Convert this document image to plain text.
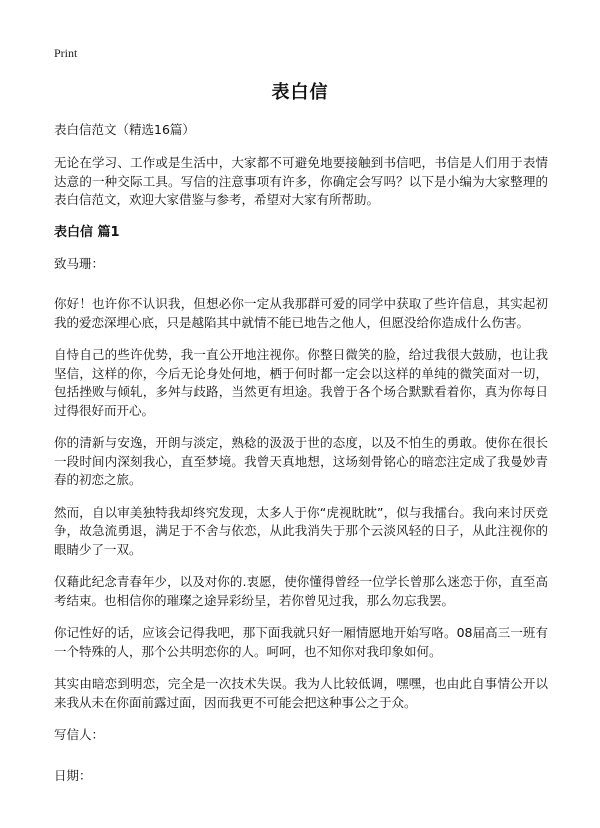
Print
表白信
表白信范文（精选16篇）

无论在学习、工作或是生活中，大家都不可避免地要接触到书信吧，书信是人们用于表情达意的一种交际工具。写信的注意事项有许多，你确定会写吗？以下是小编为大家整理的表白信范文，欢迎大家借鉴与参考，希望对大家有所帮助。

表白信 篇1

致马珊：

你好！也许你不认识我，但想必你一定从我那群可爱的同学中获取了些许信息，其实起初我的爱恋深埋心底，只是越陷其中就情不能已地告之他人，但愿没给你造成什么伤害。

自恃自己的些许优势，我一直公开地注视你。你整日微笑的脸，给过我很大鼓励，也让我坚信，这样的你，今后无论身处何地，栖于何时都一定会以这样的单纯的微笑面对一切，包括挫败与倾轧，多舛与歧路，当然更有坦途。我曾于各个场合默默看着你，真为你每日过得很好而开心。

你的清新与安逸，开朗与淡定，熟稔的汲汲于世的态度，以及不怕生的勇敢。使你在很长一段时间内深刻我心，直至梦境。我曾天真地想，这场刻骨铭心的暗恋注定成了我曼妙青春的初恋之旅。

然而，自以审美独特我却终究发现，太多人于你“虎视眈眈”，似与我擂台。我向来讨厌竞争，故急流勇退，满足于不舍与依恋，从此我消失于那个云淡风轻的日子，从此注视你的眼睛少了一双。

仅藉此纪念青春年少，以及对你的.衷愿，使你懂得曾经一位学长曾那么迷恋于你，直至高考结束。也相信你的璀璨之途异彩纷呈，若你曾见过我，那么勿忘我罢。

你记性好的话，应该会记得我吧，那下面我就只好一厢情愿地开始写咯。08届高三一班有一个特殊的人，那个公共明恋你的人。呵呵，也不知你对我印象如何。

其实由暗恋到明恋，完全是一次技术失误。我为人比较低调，嘿嘿，也由此自事情公开以来我从未在你面前露过面，因而我更不可能会把这种事公之于众。

写信人：

日期：
